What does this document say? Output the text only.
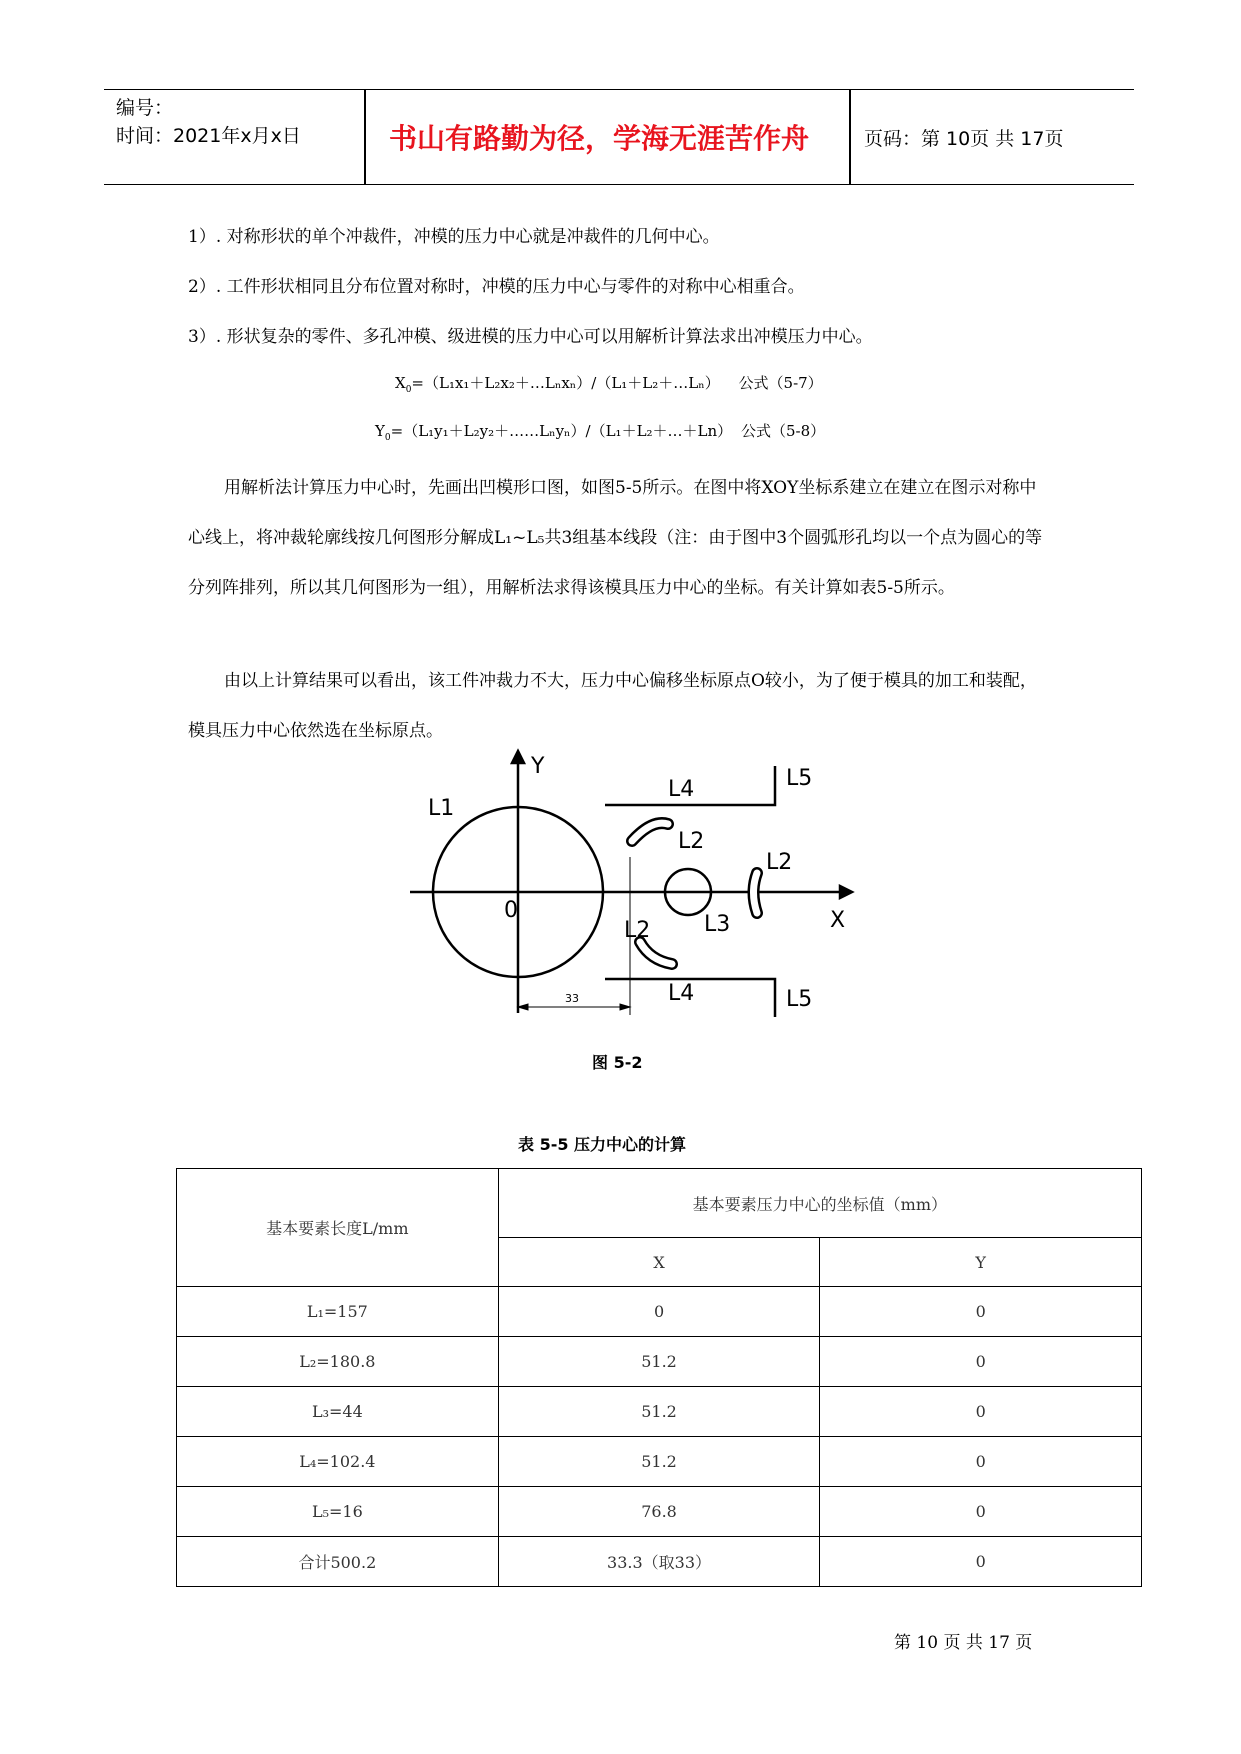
编号：
时间：2021年x月x日	书山有路勤为径，学海无涯苦作舟	页码：第 10页 共 17页
1）. 对称形状的单个冲裁件，冲模的压力中心就是冲裁件的几何中心。
2）. 工件形状相同且分布位置对称时，冲模的压力中心与零件的对称中心相重合。
3）. 形状复杂的零件、多孔冲模、级进模的压力中心可以用解析计算法求出冲模压力中心。
$X_0=(L_1x_1+L_2x_2+\dots L_nx_n)/(L_1+L_2+\dots L_n)$ 公式（5-7）
$Y_0=(L_1y_1+L_2y_2+\dots\dots L_ny_n)/(L_1+L_2+\dots+Ln)$ 公式（5-8）
用解析法计算压力中心时，先画出凹模形口图，如图5-5所示。在图中将XOY坐标系建立在建立在图示对称中心线上，将冲裁轮廓线按几何图形分解成L₁~L₅共3组基本线段（注：由于图中3个圆弧形孔均以一个点为圆心的等分列阵排列，所以其几何图形为一组），用解析法求得该模具压力中心的坐标。有关计算如表5-5所示。
由以上计算结果可以看出，该工件冲裁力不大，压力中心偏移坐标原点O较小，为了便于模具的加工和装配，模具压力中心依然选在坐标原点。
Y
X
0
L1
L2
L2
L2 L3
L4
L4
L5
L5
33
图 5-2
表 5-5 压力中心的计算
基本要素长度L/mm	基本要素压力中心的坐标值（mm）	
	X	Y
L₁=157	0	0
L₂=180.8	51.2	0
L₃=44	51.2	0
L₄=102.4	51.2	0
L₅=16	76.8	0
合计500.2	33.3（取33）	0
第 10 页 共 17 页
